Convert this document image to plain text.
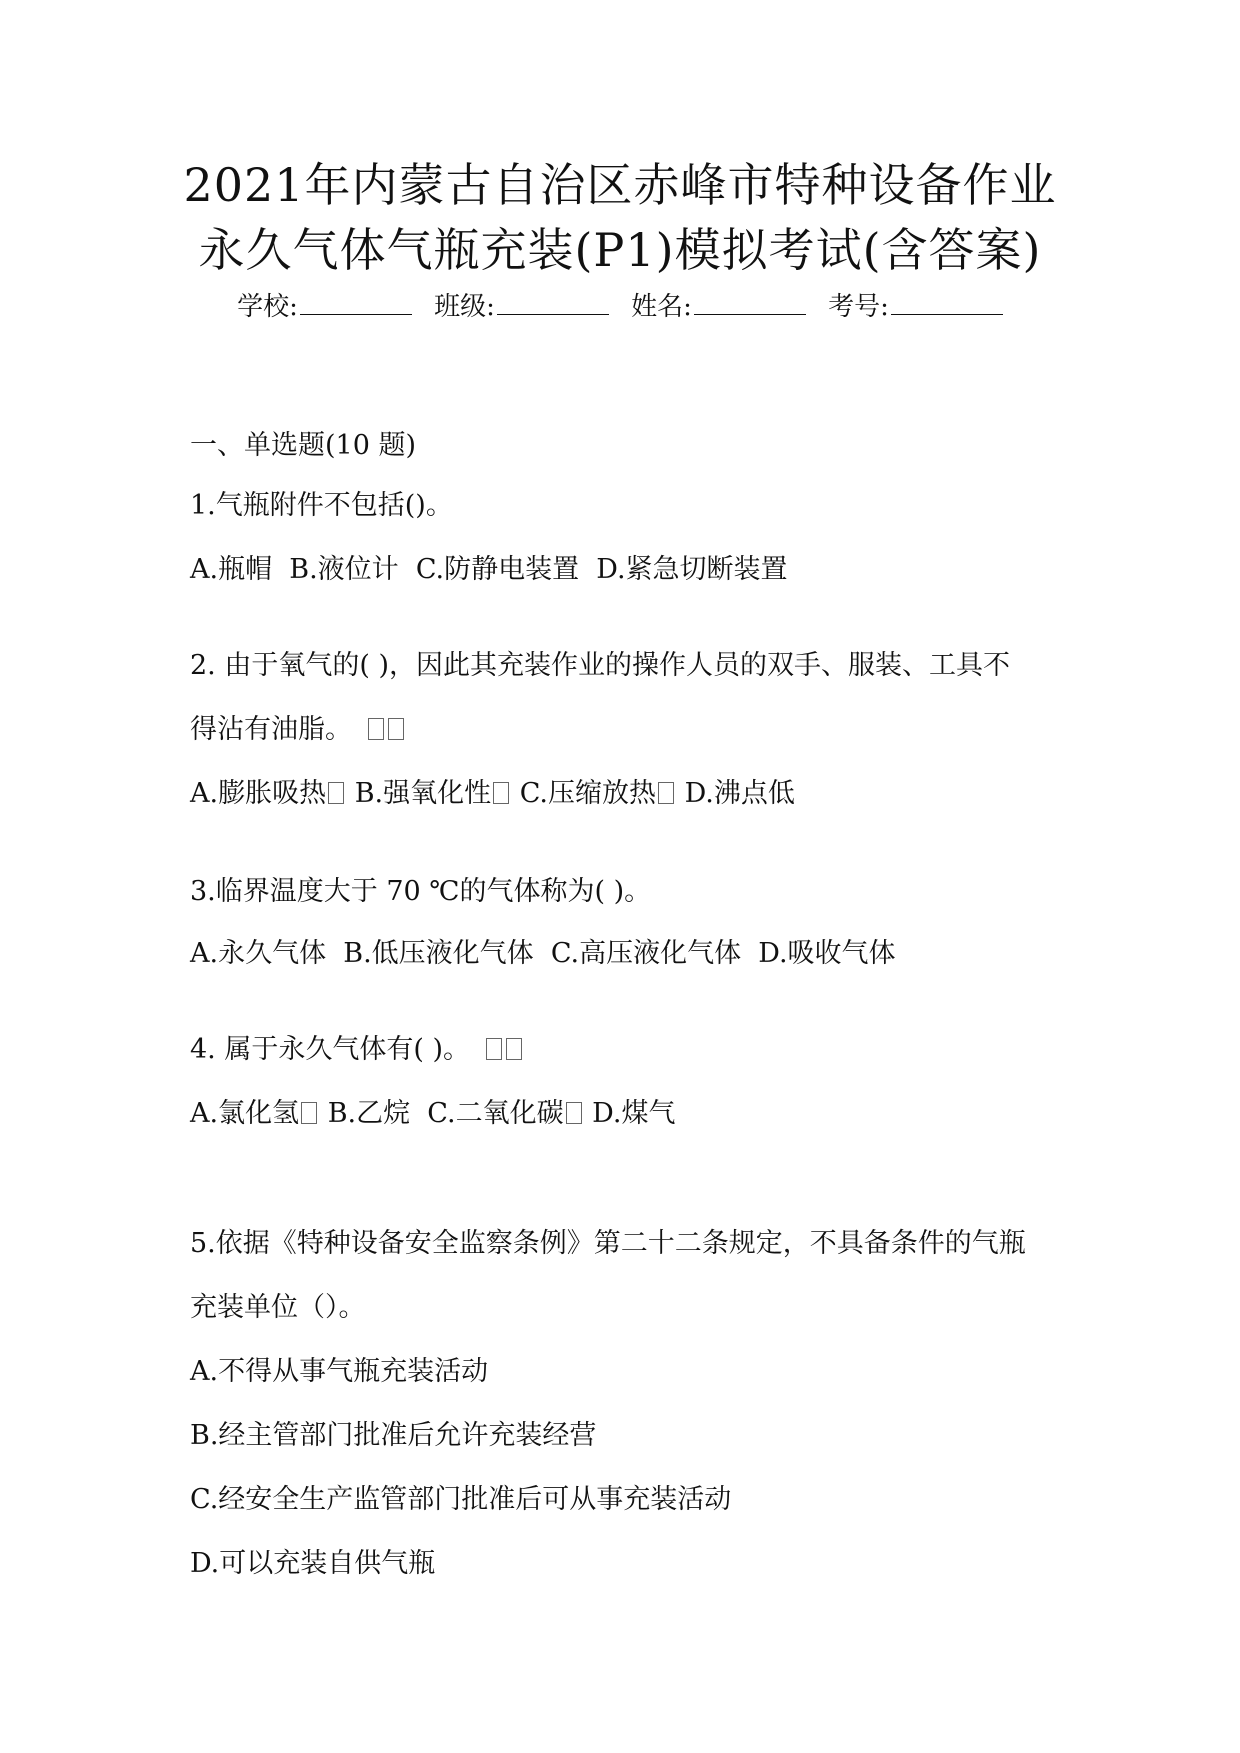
2021年内蒙古自治区赤峰市特种设备作业
永久气体气瓶充装(P1)模拟考试(含答案)
学校:	班级:	姓名:	考号:
一、单选题(10 题)
1.气瓶附件不包括()。
A.瓶帽  B.液位计  C.防静电装置  D.紧急切断装置
2. 由于氧气的( )，因此其充装作业的操作人员的双手、服装、工具不
得沾有油脂。
A.膨胀吸热 B.强氧化性 C.压缩放热 D.沸点低
3.临界温度大于 70 ℃的气体称为( )。
A.永久气体  B.低压液化气体  C.高压液化气体  D.吸收气体
4. 属于永久气体有( )。
A.氯化氢 B.乙烷 C.二氧化碳 D.煤气
5.依据《特种设备安全监察条例》第二十二条规定，不具备条件的气瓶
充装单位（）。
A.不得从事气瓶充装活动
B.经主管部门批准后允许充装经营
C.经安全生产监管部门批准后可从事充装活动
D.可以充装自供气瓶
